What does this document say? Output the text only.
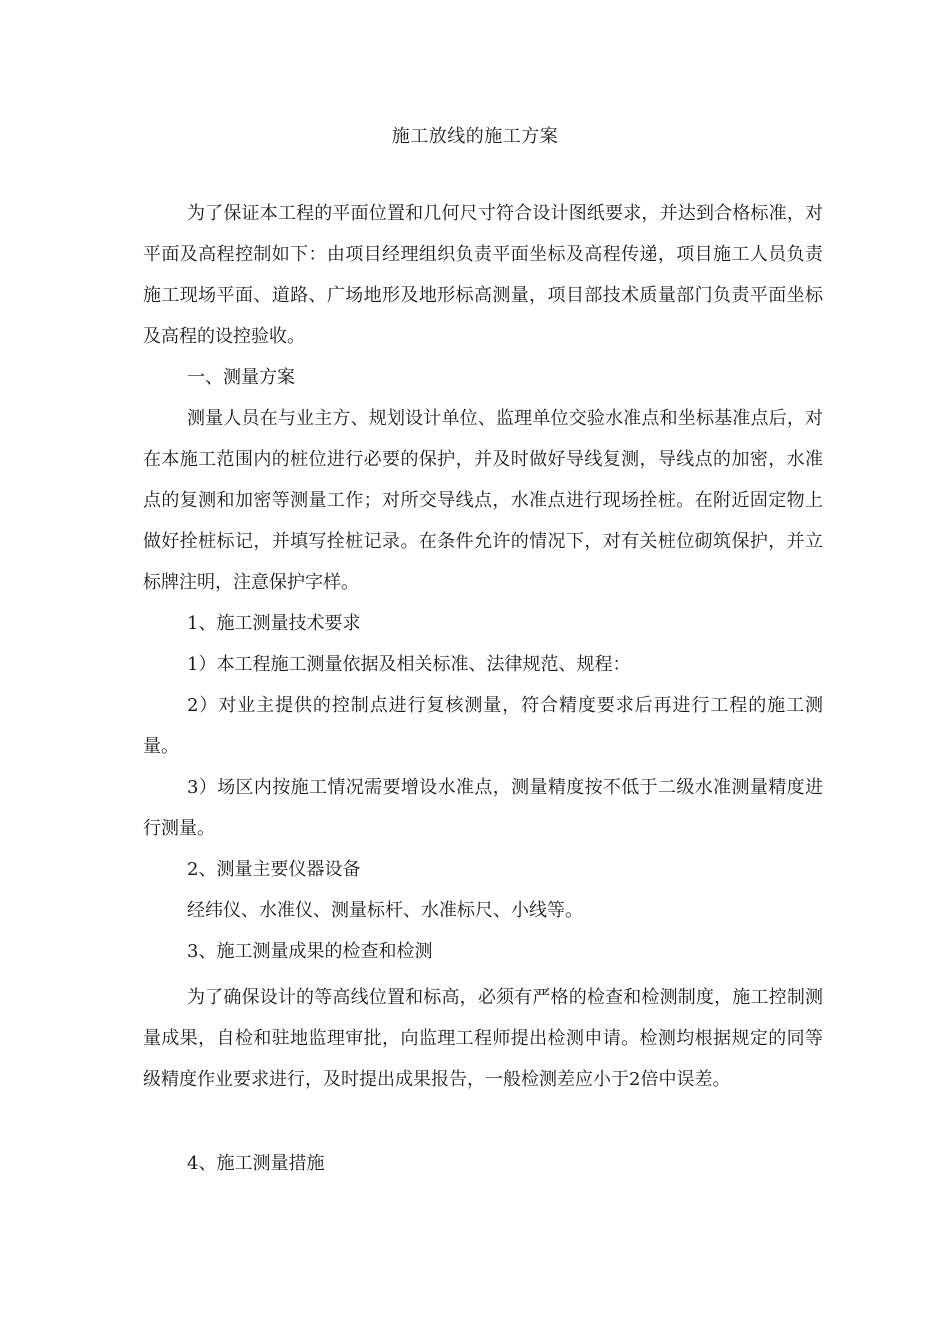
施工放线的施工方案

为了保证本工程的平面位置和几何尺寸符合设计图纸要求，并达到合格标准，对平面及高程控制如下：由项目经理组织负责平面坐标及高程传递，项目施工人员负责施工现场平面、道路、广场地形及地形标高测量，项目部技术质量部门负责平面坐标及高程的设控验收。

一、测量方案

测量人员在与业主方、规划设计单位、监理单位交验水准点和坐标基准点后，对在本施工范围内的桩位进行必要的保护，并及时做好导线复测，导线点的加密，水准点的复测和加密等测量工作；对所交导线点，水准点进行现场拴桩。在附近固定物上做好拴桩标记，并填写拴桩记录。在条件允许的情况下，对有关桩位砌筑保护，并立标牌注明，注意保护字样。

1、施工测量技术要求

1）本工程施工测量依据及相关标准、法律规范、规程：

2）对业主提供的控制点进行复核测量，符合精度要求后再进行工程的施工测量。

3）场区内按施工情况需要增设水准点，测量精度按不低于二级水准测量精度进行测量。

2、测量主要仪器设备

经纬仪、水准仪、测量标杆、水准标尺、小线等。

3、施工测量成果的检查和检测

为了确保设计的等高线位置和标高，必须有严格的检查和检测制度，施工控制测量成果，自检和驻地监理审批，向监理工程师提出检测申请。检测均根据规定的同等级精度作业要求进行，及时提出成果报告，一般检测差应小于2倍中误差。

4、施工测量措施
